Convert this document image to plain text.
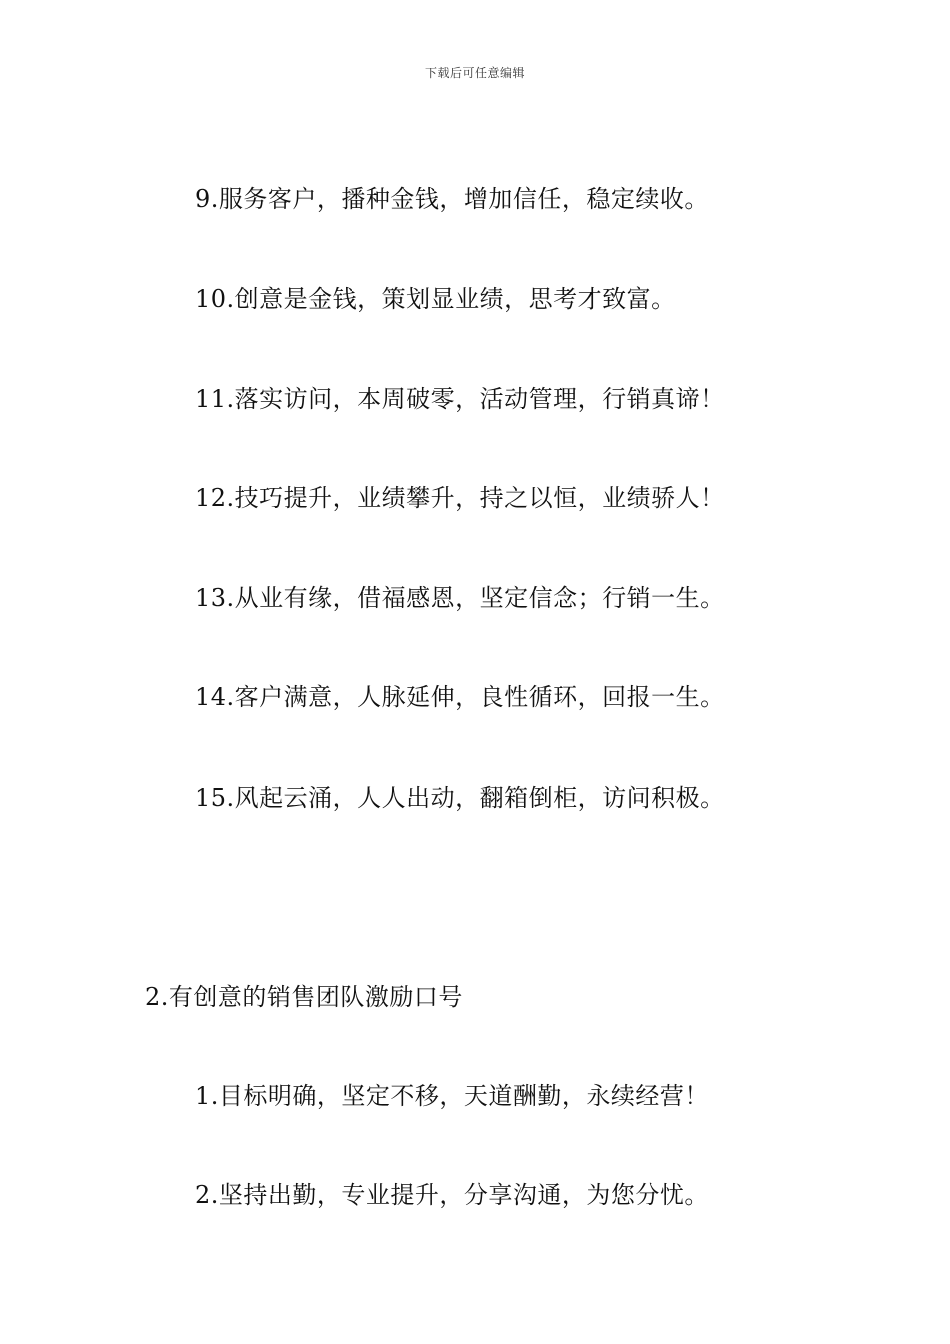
下载后可任意编辑
9.服务客户，播种金钱，增加信任，稳定续收。
10.创意是金钱，策划显业绩，思考才致富。
11.落实访问，本周破零，活动管理，行销真谛！
12.技巧提升，业绩攀升，持之以恒，业绩骄人！
13.从业有缘，借福感恩，坚定信念；行销一生。
14.客户满意，人脉延伸，良性循环，回报一生。
15.风起云涌，人人出动，翻箱倒柜，访问积极。
2.有创意的销售团队激励口号
1.目标明确，坚定不移，天道酬勤，永续经营！
2.坚持出勤，专业提升，分享沟通，为您分忧。
